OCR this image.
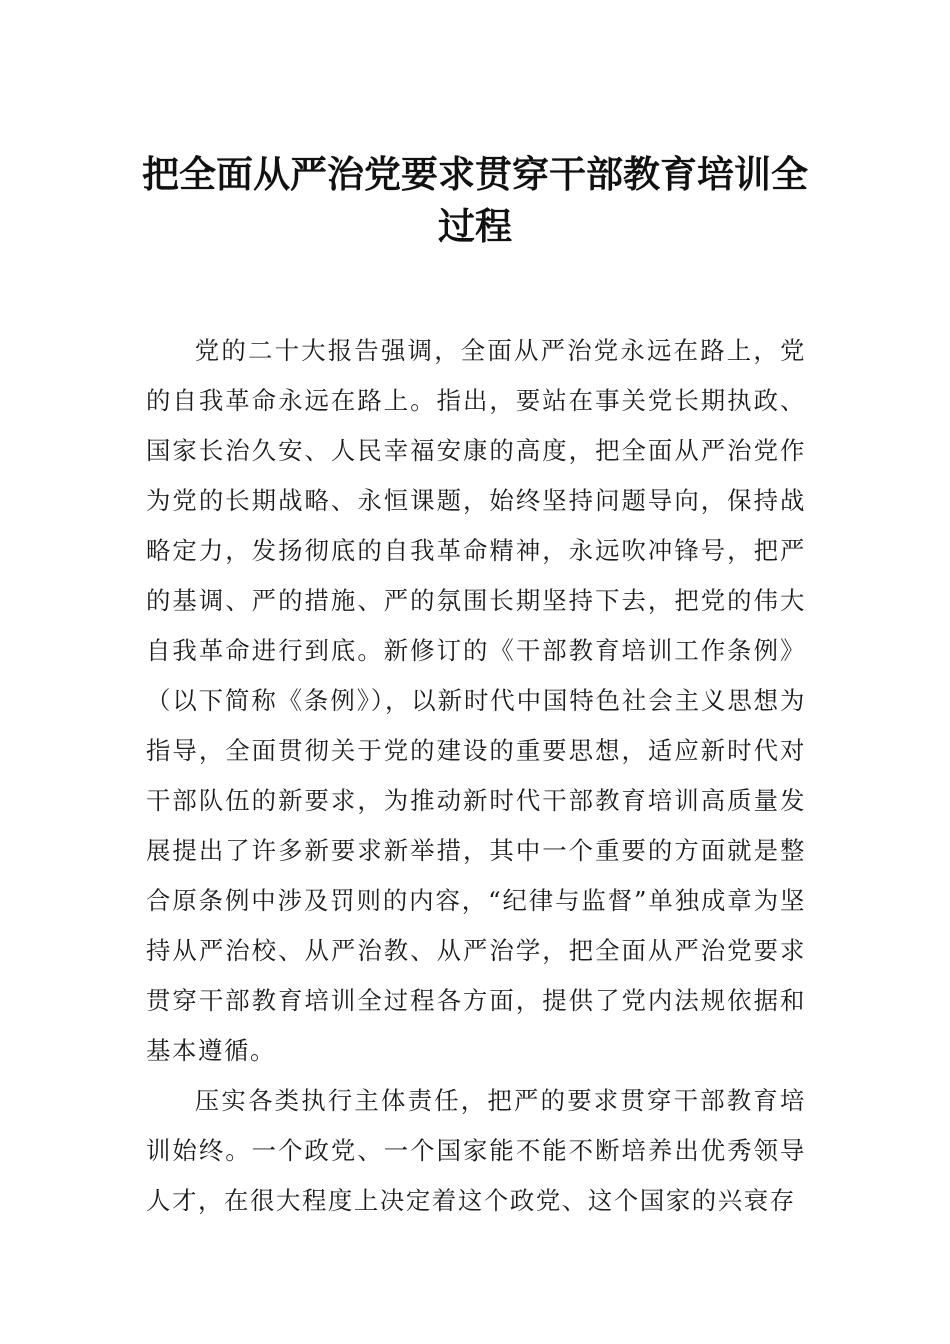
把全面从严治党要求贯穿干部教育培训全过程

党的二十大报告强调，全面从严治党永远在路上，党的自我革命永远在路上。指出，要站在事关党长期执政、国家长治久安、人民幸福安康的高度，把全面从严治党作为党的长期战略、永恒课题，始终坚持问题导向，保持战略定力，发扬彻底的自我革命精神，永远吹冲锋号，把严的基调、严的措施、严的氛围长期坚持下去，把党的伟大自我革命进行到底。新修订的《干部教育培训工作条例》（以下简称《条例》），以新时代中国特色社会主义思想为指导，全面贯彻关于党的建设的重要思想，适应新时代对干部队伍的新要求，为推动新时代干部教育培训高质量发展提出了许多新要求新举措，其中一个重要的方面就是整合原条例中涉及罚则的内容，“纪律与监督”单独成章为坚持从严治校、从严治教、从严治学，把全面从严治党要求贯穿干部教育培训全过程各方面，提供了党内法规依据和基本遵循。

压实各类执行主体责任，把严的要求贯穿干部教育培训始终。一个政党、一个国家能不能不断培养出优秀领导人才，在很大程度上决定着这个政党、这个国家的兴衰存
